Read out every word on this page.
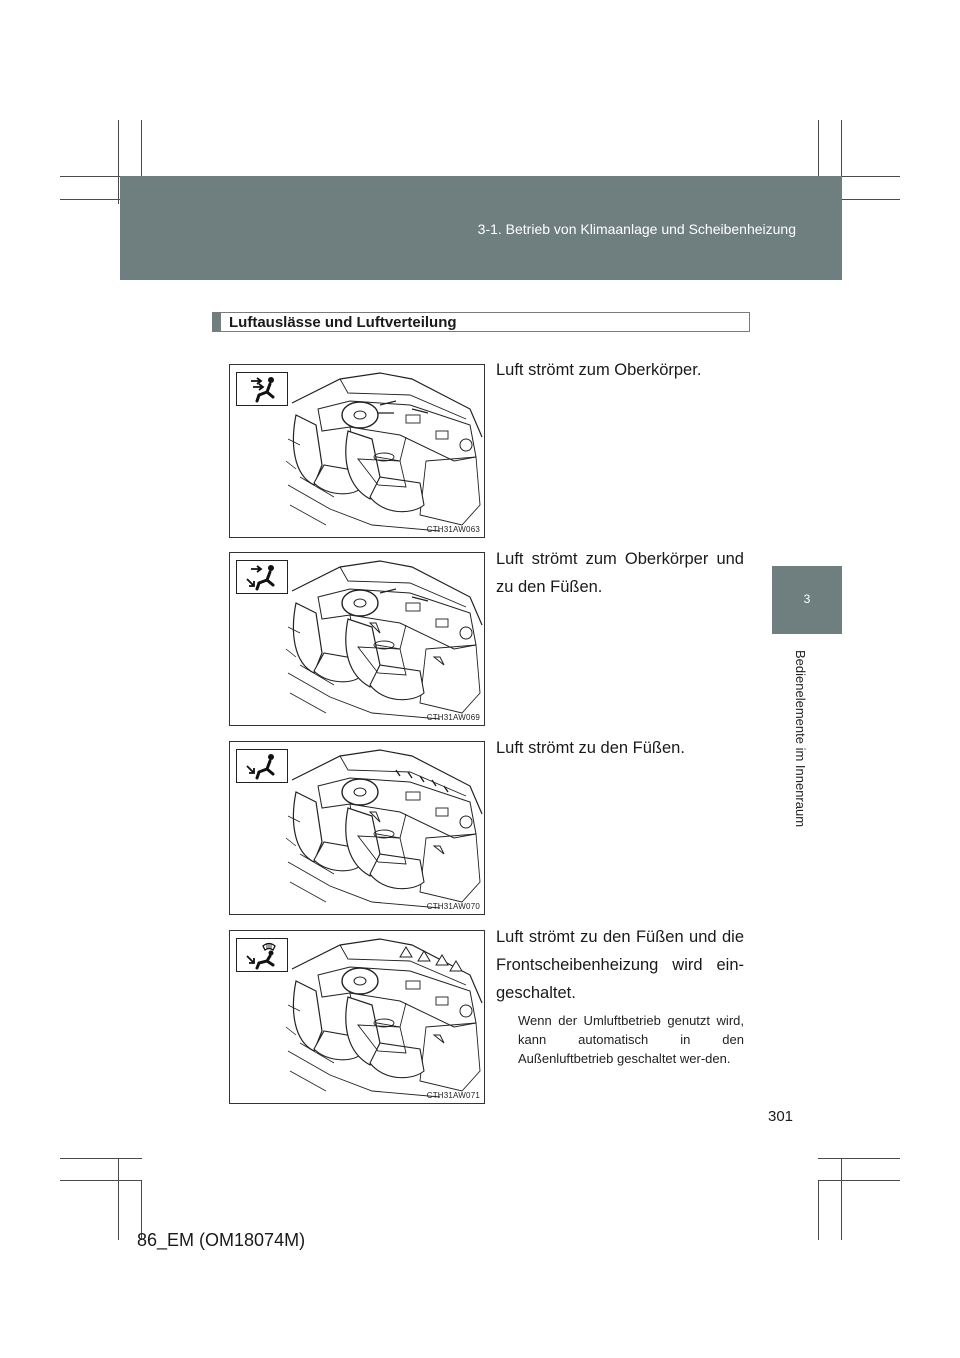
3-1. Betrieb von Klimaanlage und Scheibenheizung
3
Bedienelemente im Innenraum
Luftauslässe und Luftverteilung
CTH31AW063
CTH31AW069
CTH31AW070
CTH31AW071
Luft strömt zum Oberkörper.
Luft strömt zum Oberkörper und zu den Füßen.
Luft strömt zu den Füßen.
Luft strömt zu den Füßen und die Frontscheibenheizung wird ein-geschaltet.
Wenn der Umluftbetrieb genutzt wird, kann automatisch in den Außenluftbetrieb geschaltet wer-den.
301
86_EM (OM18074M)
